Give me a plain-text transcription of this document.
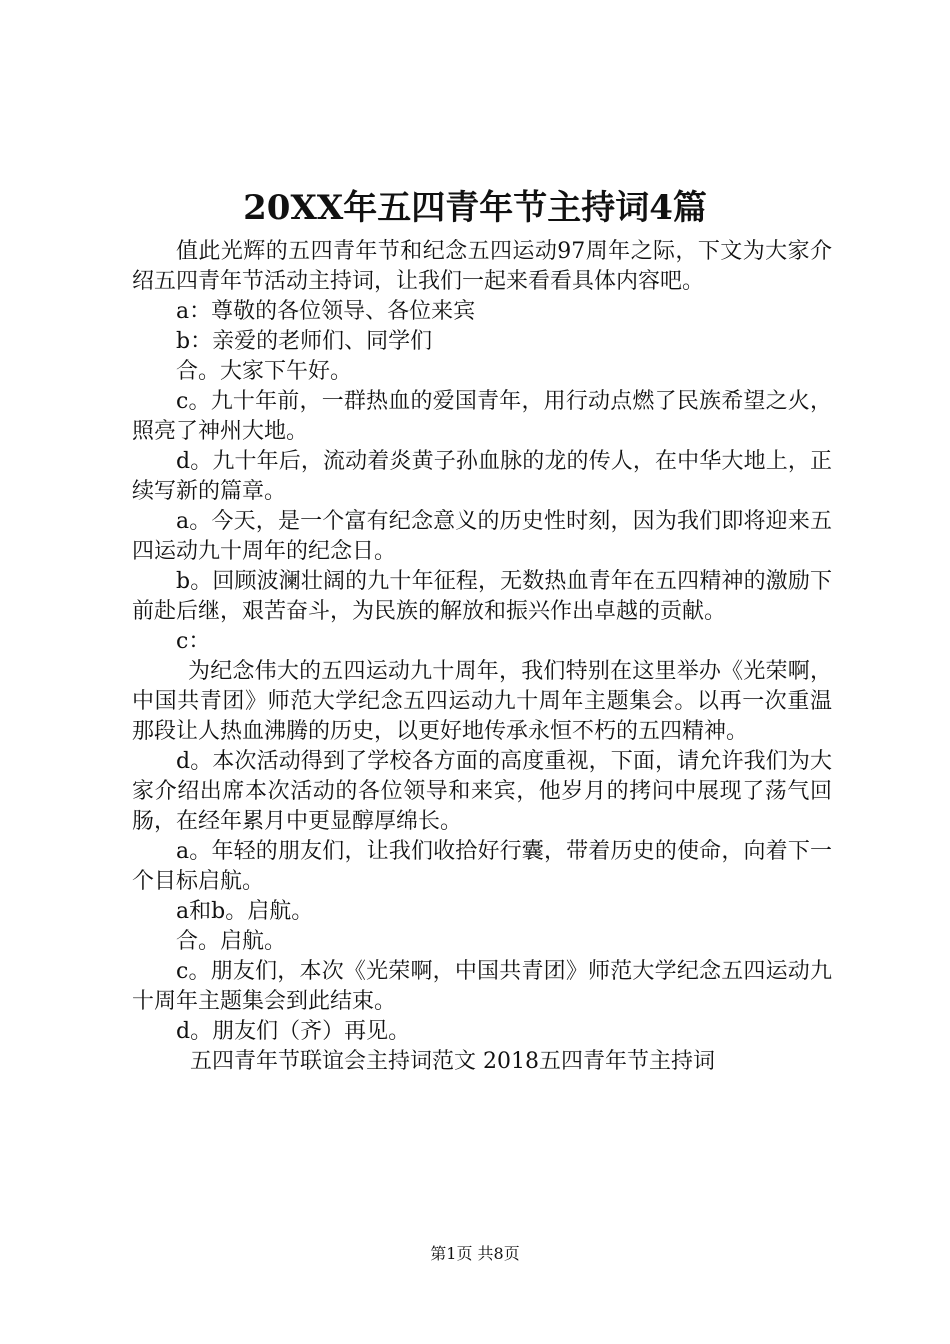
20XX年五四青年节主持词4篇

值此光辉的五四青年节和纪念五四运动97周年之际，下文为大家介绍五四青年节活动主持词，让我们一起来看看具体内容吧。

a：尊敬的各位领导、各位来宾

b：亲爱的老师们、同学们

合。大家下午好。

c。九十年前，一群热血的爱国青年，用行动点燃了民族希望之火，照亮了神州大地。

d。九十年后，流动着炎黄子孙血脉的龙的传人，在中华大地上，正续写新的篇章。

a。今天，是一个富有纪念意义的历史性时刻，因为我们即将迎来五四运动九十周年的纪念日。

b。回顾波澜壮阔的九十年征程，无数热血青年在五四精神的激励下前赴后继，艰苦奋斗，为民族的解放和振兴作出卓越的贡献。

c：

为纪念伟大的五四运动九十周年，我们特别在这里举办《光荣啊，中国共青团》师范大学纪念五四运动九十周年主题集会。以再一次重温那段让人热血沸腾的历史，以更好地传承永恒不朽的五四精神。

d。本次活动得到了学校各方面的高度重视，下面，请允许我们为大家介绍出席本次活动的各位领导和来宾，他岁月的拷问中展现了荡气回肠，在经年累月中更显醇厚绵长。

a。年轻的朋友们，让我们收拾好行囊，带着历史的使命，向着下一个目标启航。

a和b。启航。

合。启航。

c。朋友们，本次《光荣啊，中国共青团》师范大学纪念五四运动九十周年主题集会到此结束。

d。朋友们（齐）再见。

五四青年节联谊会主持词范文 2018五四青年节主持词

第1页 共8页
